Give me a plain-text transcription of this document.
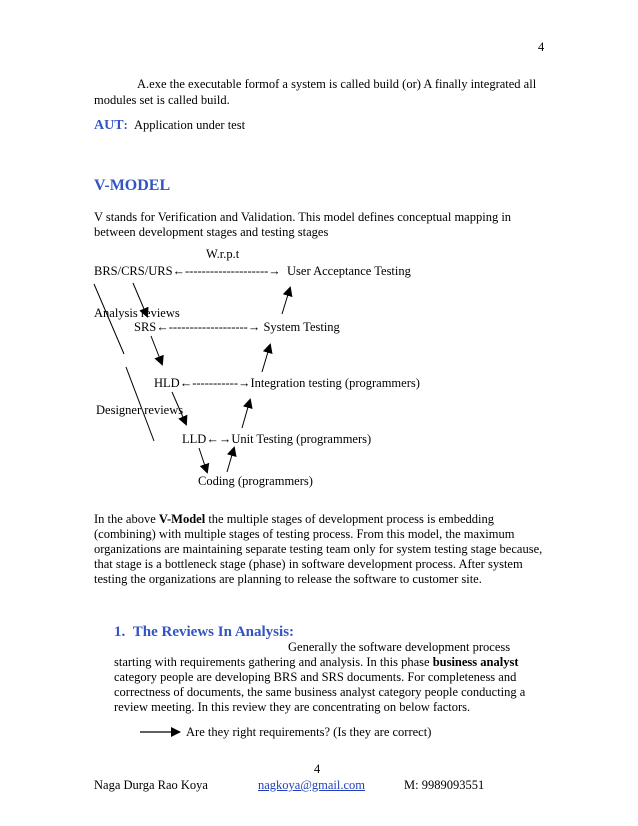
4
A.exe the executable formof a system is called build (or) A finally integrated all
modules set is called build.
AUT: Application under test
V-MODEL
V stands for Verification and Validation. This model defines conceptual mapping in
between development stages and testing stages
W.r.p.t
BRS/CRS/URS←--------------------→ User Acceptance Testing
Analysis reviews
SRS←-------------------→ System Testing
HLD←-----------→Integration testing (programmers)
Designer reviews
LLD←→Unit Testing (programmers)
Coding (programmers)
In the above V-Model the multiple stages of development process is embedding
(combining) with multiple stages of testing process. From this model, the maximum
organizations are maintaining separate testing team only for system testing stage because,
that stage is a bottleneck stage (phase) in software development process. After system
testing the organizations are planning to release the software to customer site.
1. The Reviews In Analysis:
Generally the software development process
starting with requirements gathering and analysis. In this phase business analyst
category people are developing BRS and SRS documents. For completeness and
correctness of documents, the same business analyst category people conducting a
review meeting. In this review they are concentrating on below factors.
Are they right requirements? (Is they are correct)
4
Naga Durga Rao Koya	nagkoya@gmail.com	M: 9989093551
